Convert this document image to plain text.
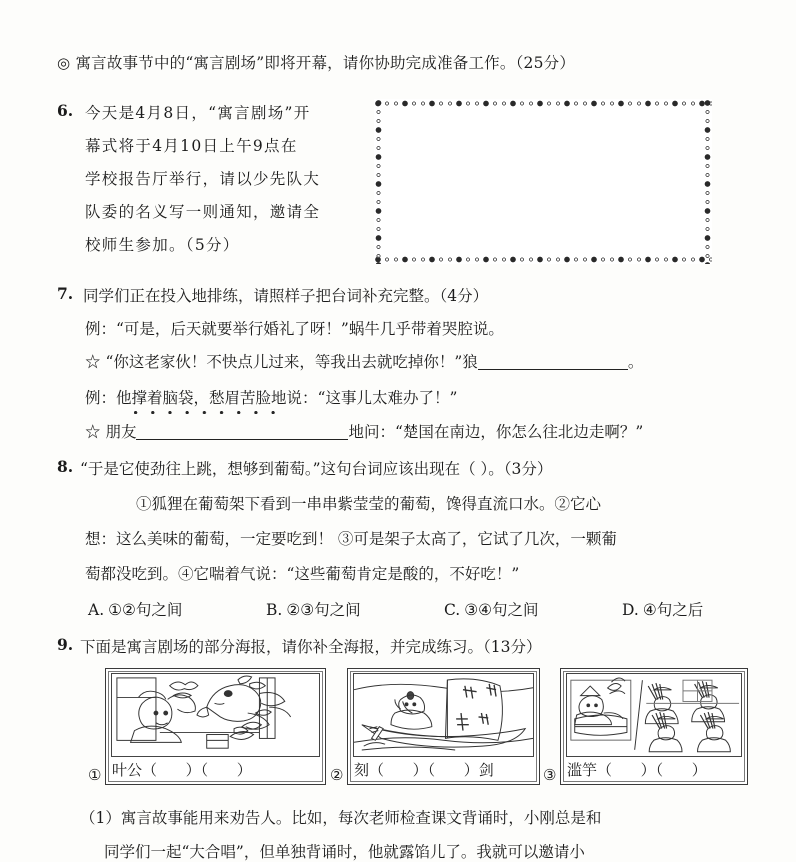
◎ 寓言故事节中的“寓言剧场”即将开幕，请你协助完成准备工作。（25分）
6. 今天是4月8日，“寓言剧场”开
幕式将于4月10日上午9点在
学校报告厅举行，请以少先队大
队委的名义写一则通知，邀请全
校师生参加。（5分）
7. 同学们正在投入地排练，请照样子把台词补充完整。（4分）
例：“可是，后天就要举行婚礼了呀！”蜗牛几乎带着哭腔说。
☆ “你这老家伙！不快点儿过来，等我出去就吃掉你！”狼	。
例：他撑着脑袋，愁眉苦脸地说：“这事儿太难办了！”
☆ 朋友	地问：“楚国在南边，你怎么往北边走啊？”
8. “于是它使劲往上跳，想够到葡萄。”这句台词应该出现在（ ）。（3分）
①狐狸在葡萄架下看到一串串紫莹莹的葡萄，馋得直流口水。②它心
想：这么美味的葡萄，一定要吃到！ ③可是架子太高了，它试了几次，一颗葡
萄都没吃到。④它喘着气说：“这些葡萄肯定是酸的，不好吃！”
A. ①②句之间	B. ②③句之间	C. ③④句之间	D. ④句之后
9. 下面是寓言剧场的部分海报，请你补全海报，并完成练习。（13分）
① 叶公（ ）（ ）	② 刻（ ）（ ）剑	③ 滥竽（ ）（ ）
（1）寓言故事能用来劝告人。比如，每次老师检查课文背诵时，小刚总是和
同学们一起“大合唱”，但单独背诵时，他就露馅儿了。我就可以邀请小
